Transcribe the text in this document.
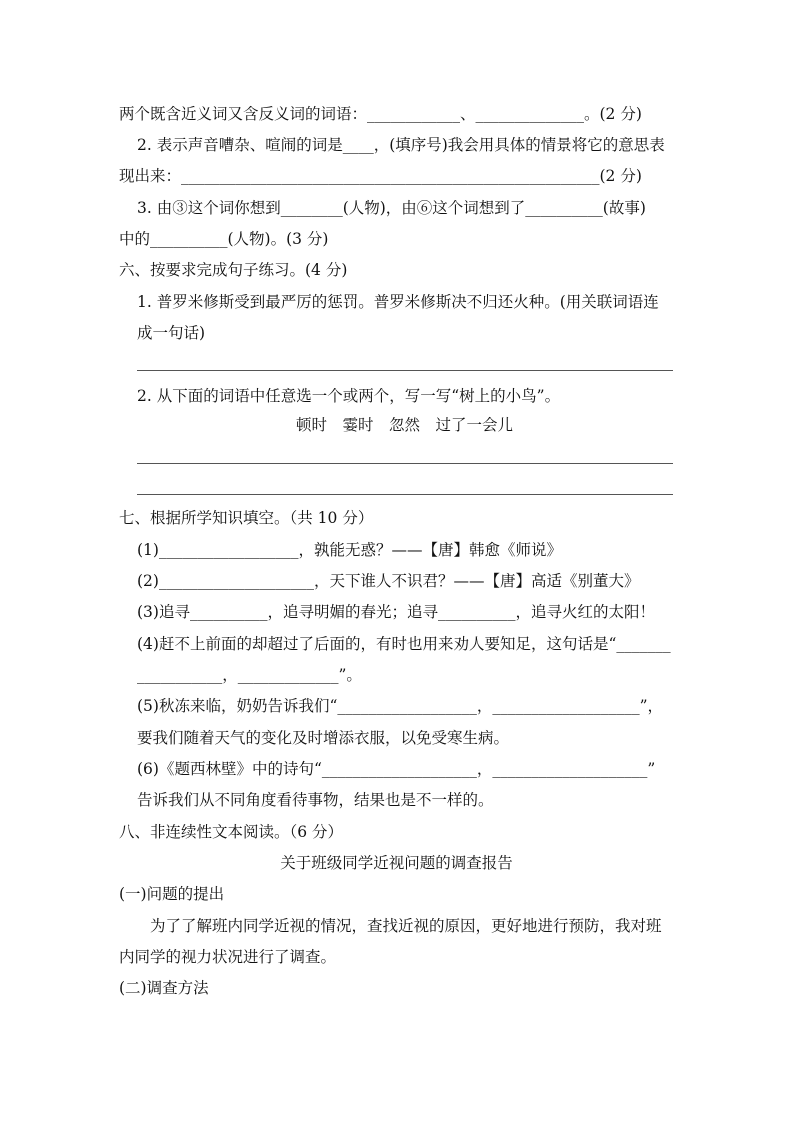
两个既含近义词又含反义词的词语：____________、______________。(2 分)
2. 表示声音嘈杂、喧闹的词是____，(填序号)我会用具体的情景将它的意思表
现出来：______________________________________________________(2 分)
3. 由③这个词你想到________(人物)，由⑥这个词想到了__________(故事)
中的__________(人物)。(3 分)
六、按要求完成句子练习。(4 分)
1. 普罗米修斯受到最严厉的惩罚。普罗米修斯决不归还火种。(用关联词语连
成一句话)
2. 从下面的词语中任意选一个或两个，写一写“树上的小鸟”。
顿时　霎时　忽然　过了一会儿
七、根据所学知识填空。（共 10 分）
(1)__________________，孰能无惑？——【唐】韩愈《师说》
(2)____________________，天下谁人不识君？——【唐】高适《别董大》
(3)追寻__________，追寻明媚的春光；追寻__________，追寻火红的太阳！
(4)赶不上前面的却超过了后面的，有时也用来劝人要知足，这句话是“_______
___________，_____________”。
(5)秋冻来临，奶奶告诉我们“__________________，___________________”，
要我们随着天气的变化及时增添衣服，以免受寒生病。
(6)《题西林壁》中的诗句“____________________，____________________”
告诉我们从不同角度看待事物，结果也是不一样的。
八、非连续性文本阅读。（6 分）
关于班级同学近视问题的调查报告
(一)问题的提出
为了了解班内同学近视的情况，查找近视的原因，更好地进行预防，我对班
内同学的视力状况进行了调查。
(二)调查方法
